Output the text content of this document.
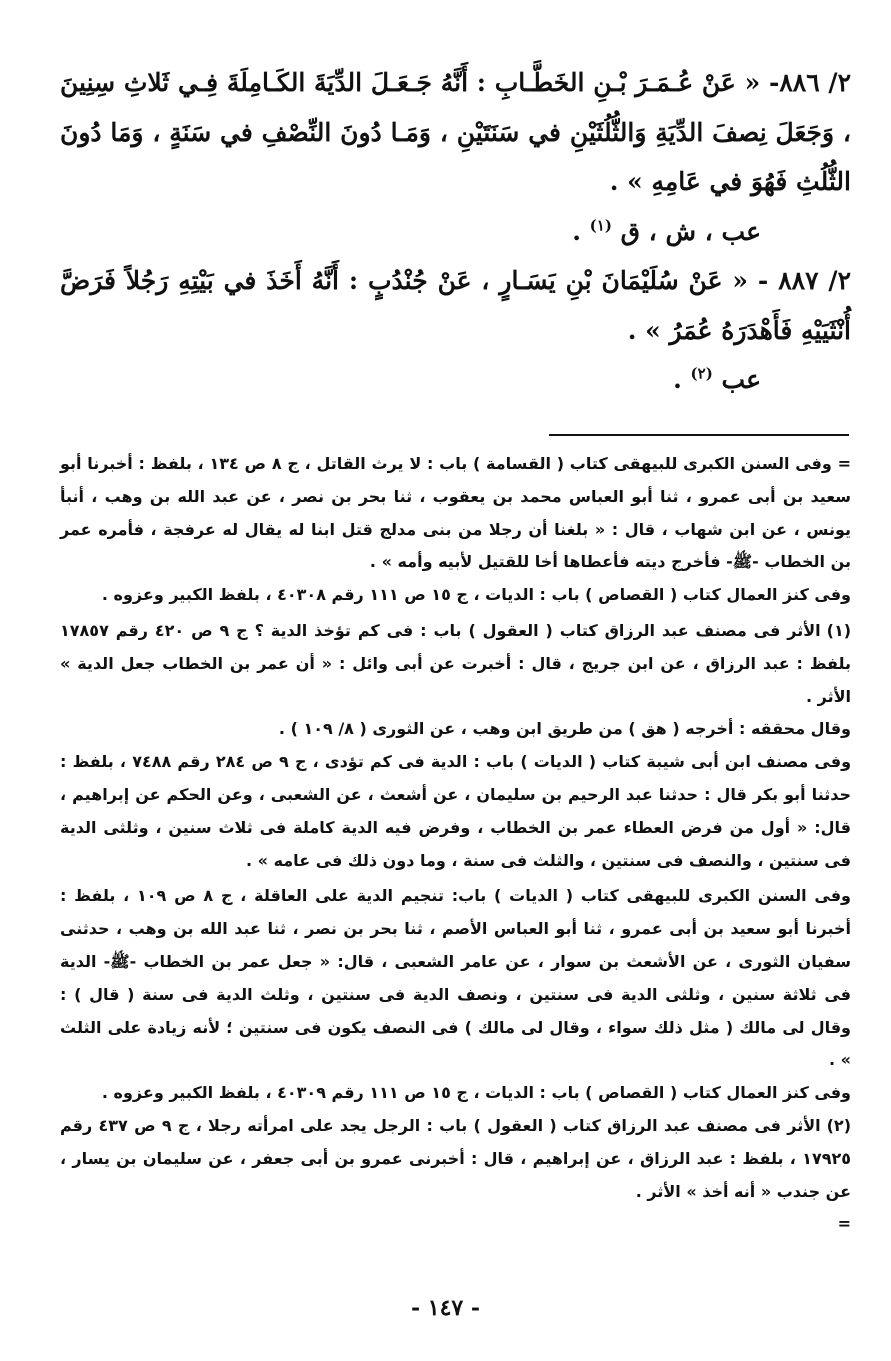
٢/ ٨٨٦- « عَنْ عُـمَـرَ بْـنِ الخَطَّـابِ : أَنَّهُ جَـعَـلَ الدِّيَةَ الكَـامِلَةَ فِـي ثَلاثِ سِنِينَ ، وَجَعَلَ نِصفَ الدِّيَةِ وَالثُّلُثَيْنِ في سَنَتَيْنِ ، وَمَـا دُونَ النِّصْفِ في سَنَةٍ ، وَمَا دُونَ الثُّلُثِ فَهُوَ في عَامِهِ » .

عب ، ش ، ق $^{(١)}$ .

٢/ ٨٨٧ - « عَنْ سُلَيْمَانَ بْنِ يَسَـارٍ ، عَنْ جُنْدُبٍ : أَنَّهُ أَخَذَ في بَيْتِهِ رَجُلاً فَرَضَّ أُنْثَيَيْهِ فَأَهْدَرَهُ عُمَرُ » .

عب $^{(٢)}$ .

= وفى السنن الكبرى للبيهقى كتاب ( القسامة ) باب : لا يرث القاتل ، ج ٨ ص ١٣٤ ، بلفظ : أخبرنا أبو سعيد بن أبى عمرو ، ثنا أبو العباس محمد بن يعقوب ، ثنا بحر بن نصر ، عن عبد الله بن وهب ، أنبأ يونس ، عن ابن شهاب ، قال : « بلغنا أن رجلا من بنى مدلج قتل ابنا له يقال له عرفجة ، فأمره عمر بن الخطاب -ﷺ- فأخرج ديته فأعطاها أخا للقتيل لأبيه وأمه » .

وفى كنز العمال كتاب ( القصاص ) باب : الديات ، ج ١٥ ص ١١١ رقم ٤٠٣٠٨ ، بلفظ الكبير وعزوه .

(١)الأثر فى مصنف عبد الرزاق كتاب ( العقول ) باب : فى كم تؤخذ الدية ؟ ج ٩ ص ٤٢٠ رقم ١٧٨٥٧ بلفظ : عبد الرزاق ، عن ابن جريج ، قال : أخبرت عن أبى وائل : « أن عمر بن الخطاب جعل الدية » الأثر .

وقال محققه : أخرجه ( هق ) من طريق ابن وهب ، عن الثورى ( ٨/ ١٠٩ ) .

وفى مصنف ابن أبى شيبة كتاب ( الديات ) باب : الدية فى كم تؤدى ، ج ٩ ص ٢٨٤ رقم ٧٤٨٨ ، بلفظ : حدثنا أبو بكر قال : حدثنا عبد الرحيم بن سليمان ، عن أشعث ، عن الشعبى ، وعن الحكم عن إبراهيم ، قال: « أول من فرض العطاء عمر بن الخطاب ، وفرض فيه الدية كاملة فى ثلاث سنين ، وثلثى الدية فى سنتين ، والنصف فى سنتين ، والثلث فى سنة ، وما دون ذلك فى عامه » .

وفى السنن الكبرى للبيهقى كتاب ( الديات ) باب: تنجيم الدية على العاقلة ، ج ٨ ص ١٠٩ ، بلفظ : أخبرنا أبو سعيد بن أبى عمرو ، ثنا أبو العباس الأصم ، ثنا بحر بن نصر ، ثنا عبد الله بن وهب ، حدثنى سفيان الثورى ، عن الأشعث بن سوار ، عن عامر الشعبى ، قال: « جعل عمر بن الخطاب -ﷺ- الدية فى ثلاثة سنين ، وثلثى الدية فى سنتين ، ونصف الدية فى سنتين ، وثلث الدية فى سنة ( قال ) : وقال لى مالك ( مثل ذلك سواء ، وقال لى مالك ) فى النصف يكون فى سنتين ؛ لأنه زيادة على الثلث » .

وفى كنز العمال كتاب ( القصاص ) باب : الديات ، ج ١٥ ص ١١١ رقم ٤٠٣٠٩ ، بلفظ الكبير وعزوه .

(٢)الأثر فى مصنف عبد الرزاق كتاب ( العقول ) باب : الرجل يجد على امرأته رجلا ، ج ٩ ص ٤٣٧ رقم ١٧٩٢٥ ، بلفظ : عبد الرزاق ، عن إبراهيم ، قال : أخبرنى عمرو بن أبى جعفر ، عن سليمان بن يسار ، عن جندب « أنه أخذ » الأثر .

=

- ١٤٧ -
